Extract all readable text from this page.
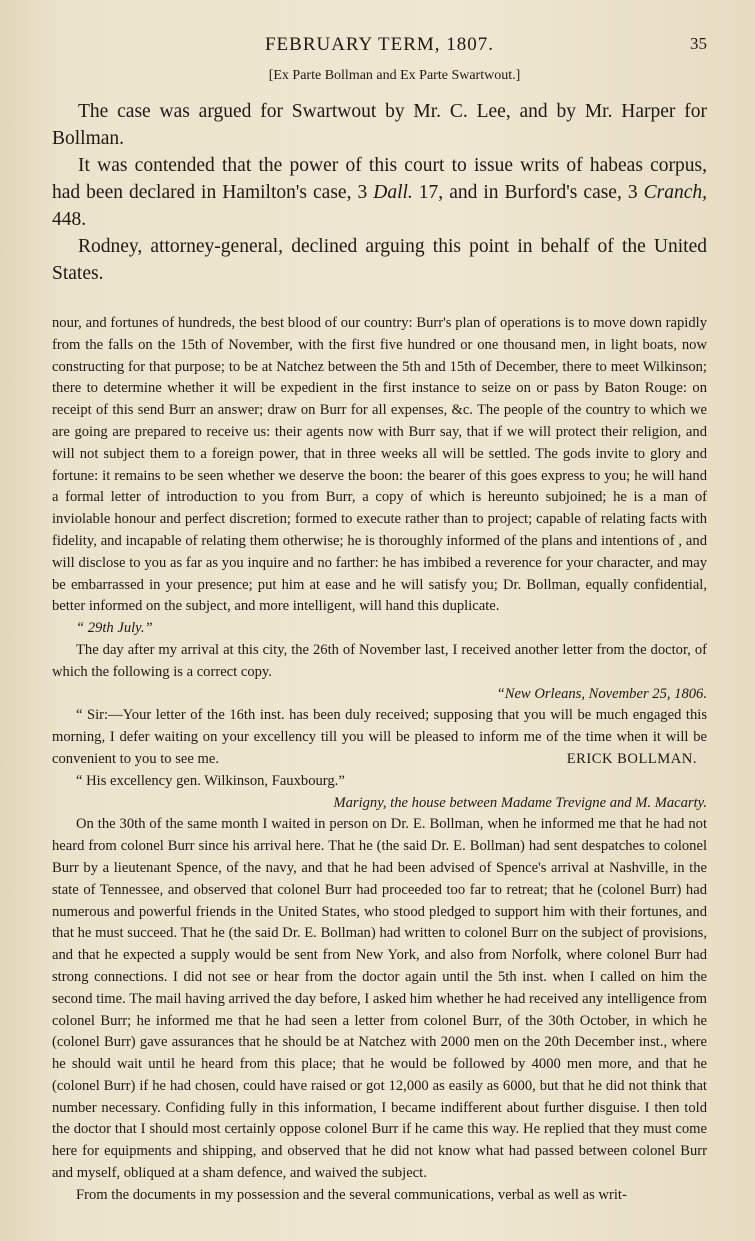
FEBRUARY TERM, 1807.	35
[Ex Parte Bollman and Ex Parte Swartwout.]

The case was argued for Swartwout by Mr. C. Lee, and by Mr. Harper for Bollman.

It was contended that the power of this court to issue writs of habeas corpus, had been declared in Hamilton's case, 3 Dall. 17, and in Burford's case, 3 Cranch, 448.

Rodney, attorney-general, declined arguing this point in behalf of the United States.

nour, and fortunes of hundreds, the best blood of our country: Burr's plan of operations is to move down rapidly from the falls on the 15th of November, with the first five hundred or one thousand men, in light boats, now constructing for that purpose; to be at Natchez between the 5th and 15th of December, there to meet Wilkinson; there to determine whether it will be expedient in the first instance to seize on or pass by Baton Rouge: on receipt of this send Burr an answer; draw on Burr for all expenses, &c. The people of the country to which we are going are prepared to receive us: their agents now with Burr say, that if we will protect their religion, and will not subject them to a foreign power, that in three weeks all will be settled. The gods invite to glory and fortune: it remains to be seen whether we deserve the boon: the bearer of this goes express to you; he will hand a formal letter of introduction to you from Burr, a copy of which is hereunto subjoined; he is a man of inviolable honour and perfect discretion; formed to execute rather than to project; capable of relating facts with fidelity, and incapable of relating them otherwise; he is thoroughly informed of the plans and intentions of , and will disclose to you as far as you inquire and no farther: he has imbibed a reverence for your character, and may be embarrassed in your presence; put him at ease and he will satisfy you; Dr. Bollman, equally confidential, better informed on the subject, and more intelligent, will hand this duplicate.

“ 29th July.”

The day after my arrival at this city, the 26th of November last, I received another letter from the doctor, of which the following is a correct copy.

“New Orleans, November 25, 1806.

“ Sir:—Your letter of the 16th inst. has been duly received; supposing that you will be much engaged this morning, I defer waiting on your excellency till you will be pleased to inform me of the time when it will be convenient to you to see me.	ERICK BOLLMAN.

“ His excellency gen. Wilkinson, Fauxbourg.”

Marigny, the house between Madame Trevigne and M. Macarty.

On the 30th of the same month I waited in person on Dr. E. Bollman, when he informed me that he had not heard from colonel Burr since his arrival here. That he (the said Dr. E. Bollman) had sent despatches to colonel Burr by a lieutenant Spence, of the navy, and that he had been advised of Spence's arrival at Nashville, in the state of Tennessee, and observed that colonel Burr had proceeded too far to retreat; that he (colonel Burr) had numerous and powerful friends in the United States, who stood pledged to support him with their fortunes, and that he must succeed. That he (the said Dr. E. Bollman) had written to colonel Burr on the subject of provisions, and that he expected a supply would be sent from New York, and also from Norfolk, where colonel Burr had strong connections. I did not see or hear from the doctor again until the 5th inst. when I called on him the second time. The mail having arrived the day before, I asked him whether he had received any intelligence from colonel Burr; he informed me that he had seen a letter from colonel Burr, of the 30th October, in which he (colonel Burr) gave assurances that he should be at Natchez with 2000 men on the 20th December inst., where he should wait until he heard from this place; that he would be followed by 4000 men more, and that he (colonel Burr) if he had chosen, could have raised or got 12,000 as easily as 6000, but that he did not think that number necessary. Confiding fully in this information, I became indifferent about further disguise. I then told the doctor that I should most certainly oppose colonel Burr if he came this way. He replied that they must come here for equipments and shipping, and observed that he did not know what had passed between colonel Burr and myself, obliqued at a sham defence, and waived the subject.

From the documents in my possession and the several communications, verbal as well as writ-
